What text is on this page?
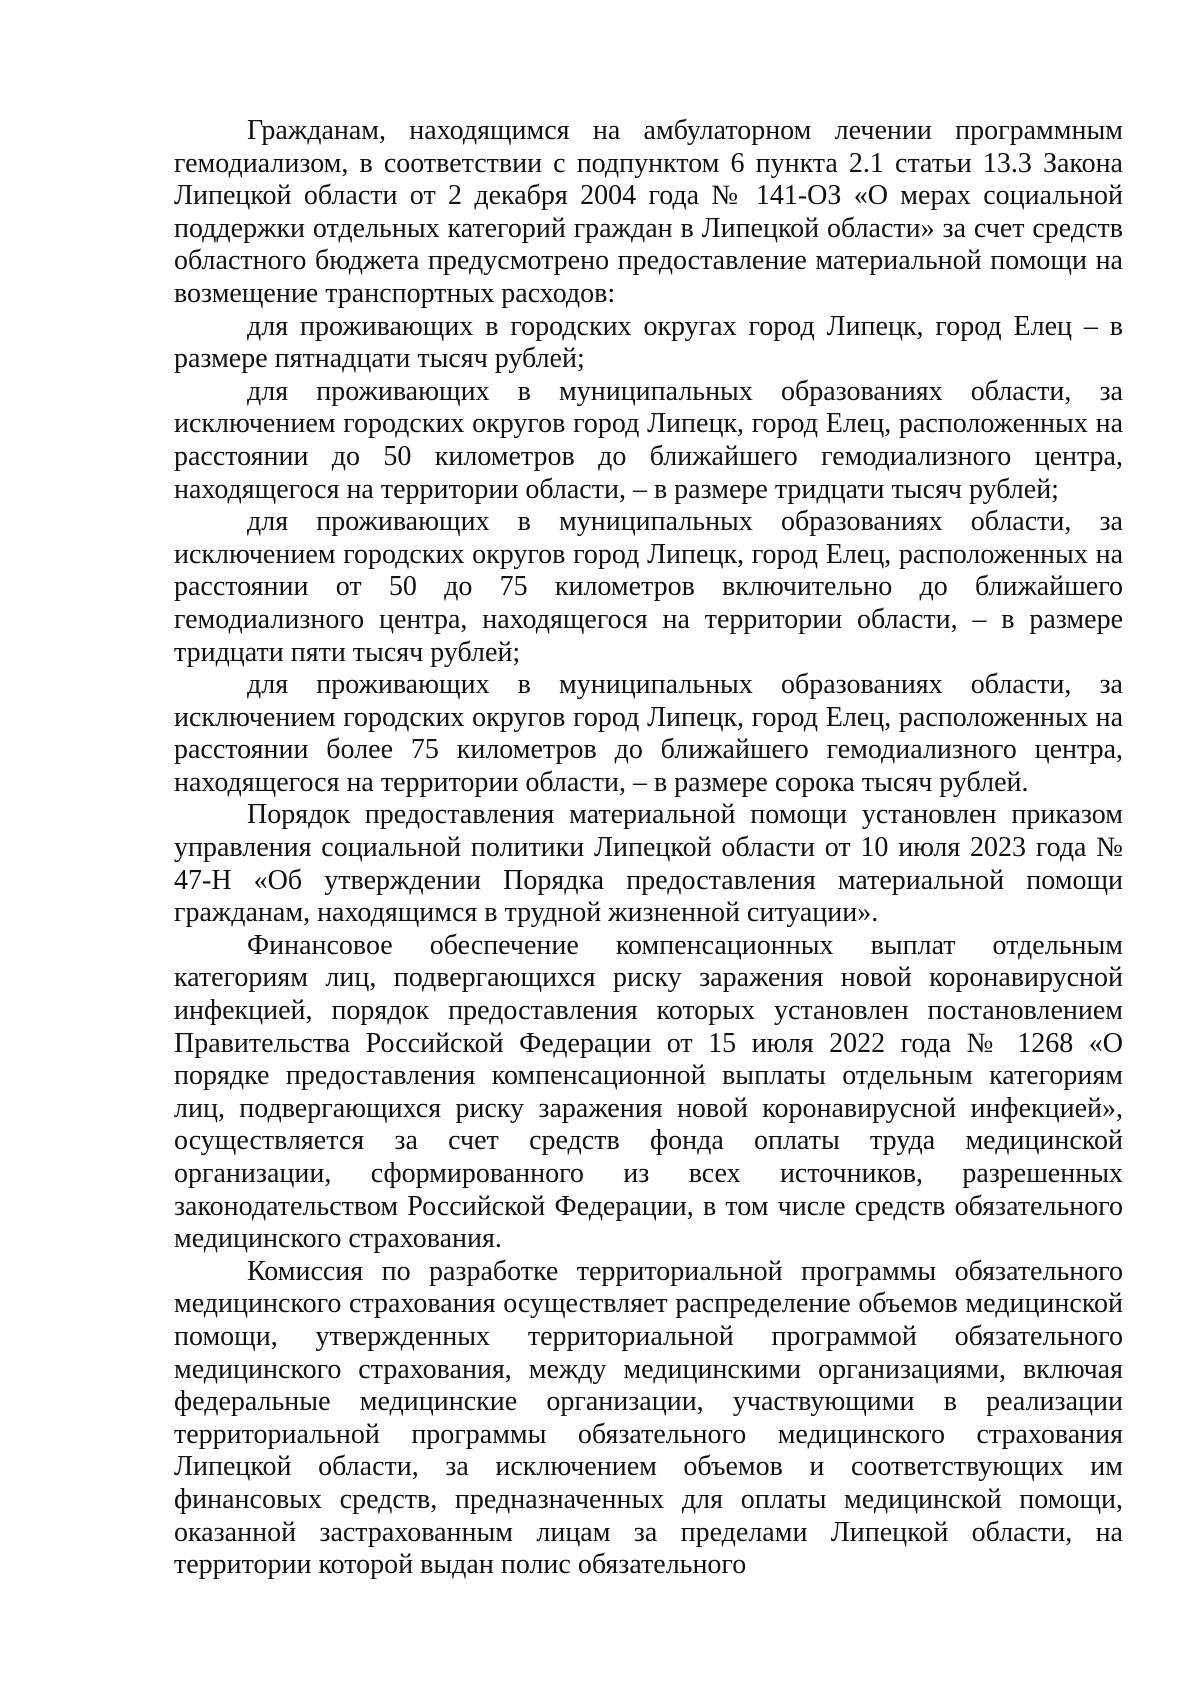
Гражданам, находящимся на амбулаторном лечении программным гемодиализом, в соответствии с подпунктом 6 пункта 2.1 статьи 13.3 Закона Липецкой области от 2 декабря 2004 года № 141-ОЗ «О мерах социальной поддержки отдельных категорий граждан в Липецкой области» за счет средств областного бюджета предусмотрено предоставление материальной помощи на возмещение транспортных расходов:

для проживающих в городских округах город Липецк, город Елец – в размере пятнадцати тысяч рублей;

для проживающих в муниципальных образованиях области, за исключением городских округов город Липецк, город Елец, расположенных на расстоянии до 50 километров до ближайшего гемодиализного центра, находящегося на территории области, – в размере тридцати тысяч рублей;

для проживающих в муниципальных образованиях области, за исключением городских округов город Липецк, город Елец, расположенных на расстоянии от 50 до 75 километров включительно до ближайшего гемодиализного центра, находящегося на территории области, – в размере тридцати пяти тысяч рублей;

для проживающих в муниципальных образованиях области, за исключением городских округов город Липецк, город Елец, расположенных на расстоянии более 75 километров до ближайшего гемодиализного центра, находящегося на территории области, – в размере сорока тысяч рублей.

Порядок предоставления материальной помощи установлен приказом управления социальной политики Липецкой области от 10 июля 2023 года № 47-Н «Об утверждении Порядка предоставления материальной помощи гражданам, находящимся в трудной жизненной ситуации».

Финансовое обеспечение компенсационных выплат отдельным категориям лиц, подвергающихся риску заражения новой коронавирусной инфекцией, порядок предоставления которых установлен постановлением Правительства Российской Федерации от 15 июля 2022 года № 1268 «О порядке предоставления компенсационной выплаты отдельным категориям лиц, подвергающихся риску заражения новой коронавирусной инфекцией», осуществляется за счет средств фонда оплаты труда медицинской организации, сформированного из всех источников, разрешенных законодательством Российской Федерации, в том числе средств обязательного медицинского страхования.

Комиссия по разработке территориальной программы обязательного медицинского страхования осуществляет распределение объемов медицинской помощи, утвержденных территориальной программой обязательного медицинского страхования, между медицинскими организациями, включая федеральные медицинские организации, участвующими в реализации территориальной программы обязательного медицинского страхования Липецкой области, за исключением объемов и соответствующих им финансовых средств, предназначенных для оплаты медицинской помощи, оказанной застрахованным лицам за пределами Липецкой области, на территории которой выдан полис обязательного
